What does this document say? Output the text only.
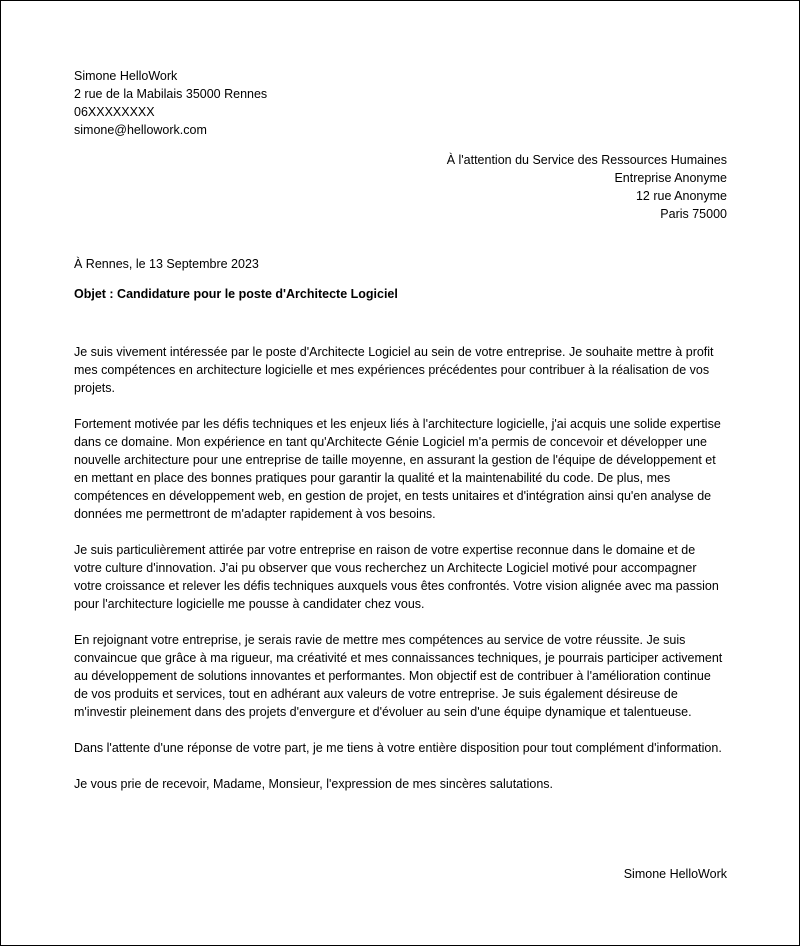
Simone HelloWork
2 rue de la Mabilais 35000 Rennes
06XXXXXXXX
simone@hellowork.com
À l'attention du Service des Ressources Humaines
Entreprise Anonyme
12 rue Anonyme
Paris 75000
À Rennes, le 13 Septembre 2023
Objet : Candidature pour le poste d'Architecte Logiciel

Je suis vivement intéressée par le poste d'Architecte Logiciel au sein de votre entreprise. Je souhaite mettre à profit mes compétences en architecture logicielle et mes expériences précédentes pour contribuer à la réalisation de vos projets.

Fortement motivée par les défis techniques et les enjeux liés à l'architecture logicielle, j'ai acquis une solide expertise dans ce domaine. Mon expérience en tant qu'Architecte Génie Logiciel m'a permis de concevoir et développer une nouvelle architecture pour une entreprise de taille moyenne, en assurant la gestion de l'équipe de développement et en mettant en place des bonnes pratiques pour garantir la qualité et la maintenabilité du code. De plus, mes compétences en développement web, en gestion de projet, en tests unitaires et d'intégration ainsi qu'en analyse de données me permettront de m'adapter rapidement à vos besoins.

Je suis particulièrement attirée par votre entreprise en raison de votre expertise reconnue dans le domaine et de votre culture d'innovation. J'ai pu observer que vous recherchez un Architecte Logiciel motivé pour accompagner votre croissance et relever les défis techniques auxquels vous êtes confrontés. Votre vision alignée avec ma passion pour l'architecture logicielle me pousse à candidater chez vous.

En rejoignant votre entreprise, je serais ravie de mettre mes compétences au service de votre réussite. Je suis convaincue que grâce à ma rigueur, ma créativité et mes connaissances techniques, je pourrais participer activement au développement de solutions innovantes et performantes. Mon objectif est de contribuer à l'amélioration continue de vos produits et services, tout en adhérant aux valeurs de votre entreprise. Je suis également désireuse de m'investir pleinement dans des projets d'envergure et d'évoluer au sein d'une équipe dynamique et talentueuse.

Dans l'attente d'une réponse de votre part, je me tiens à votre entière disposition pour tout complément d'information.

Je vous prie de recevoir, Madame, Monsieur, l'expression de mes sincères salutations.

Simone HelloWork
